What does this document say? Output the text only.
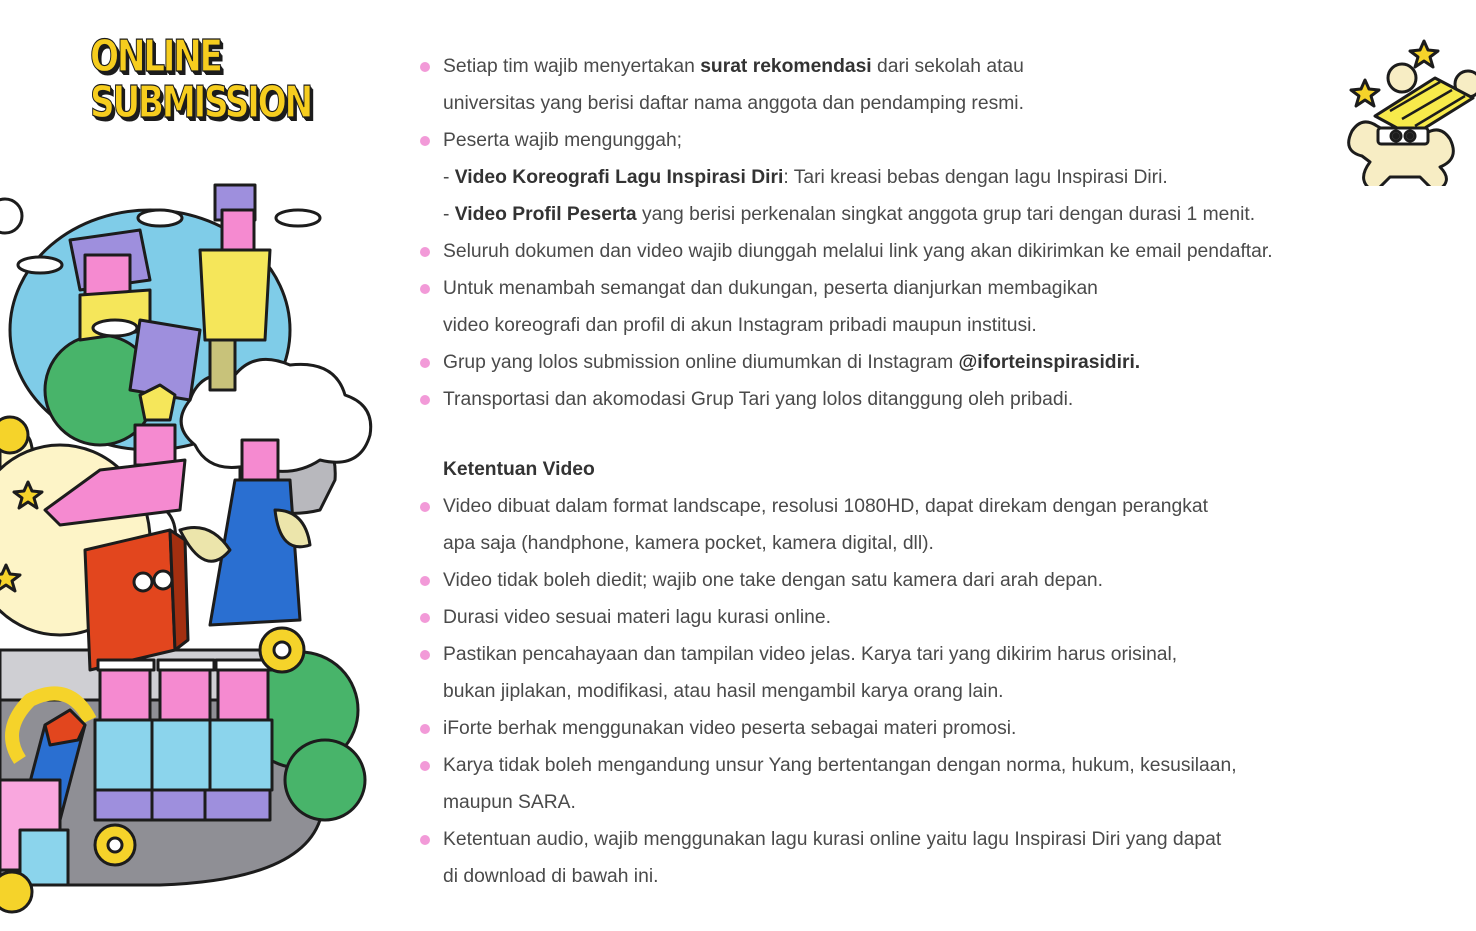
ONLINE
SUBMISSION
Setiap tim wajib menyertakan surat rekomendasi dari sekolah atau
universitas yang berisi daftar nama anggota dan pendamping resmi.
Peserta wajib mengunggah;
- Video Koreografi Lagu Inspirasi Diri: Tari kreasi bebas dengan lagu Inspirasi Diri.
- Video Profil Peserta yang berisi perkenalan singkat anggota grup tari dengan durasi 1 menit.
Seluruh dokumen dan video wajib diunggah melalui link yang akan dikirimkan ke email pendaftar.
Untuk menambah semangat dan dukungan, peserta dianjurkan membagikan
video koreografi dan profil di akun Instagram pribadi maupun institusi.
Grup yang lolos submission online diumumkan di Instagram @iforteinspirasidiri.
Transportasi dan akomodasi Grup Tari yang lolos ditanggung oleh pribadi.
Ketentuan Video
Video dibuat dalam format landscape, resolusi 1080HD, dapat direkam dengan perangkat
apa saja (handphone, kamera pocket, kamera digital, dll).
Video tidak boleh diedit; wajib one take dengan satu kamera dari arah depan.
Durasi video sesuai materi lagu kurasi online.
Pastikan pencahayaan dan tampilan video jelas. Karya tari yang dikirim harus orisinal,
bukan jiplakan, modifikasi, atau hasil mengambil karya orang lain.
iForte berhak menggunakan video peserta sebagai materi promosi.
Karya tidak boleh mengandung unsur Yang bertentangan dengan norma, hukum, kesusilaan,
maupun SARA.
Ketentuan audio, wajib menggunakan lagu kurasi online yaitu lagu Inspirasi Diri yang dapat
di download di bawah ini.
